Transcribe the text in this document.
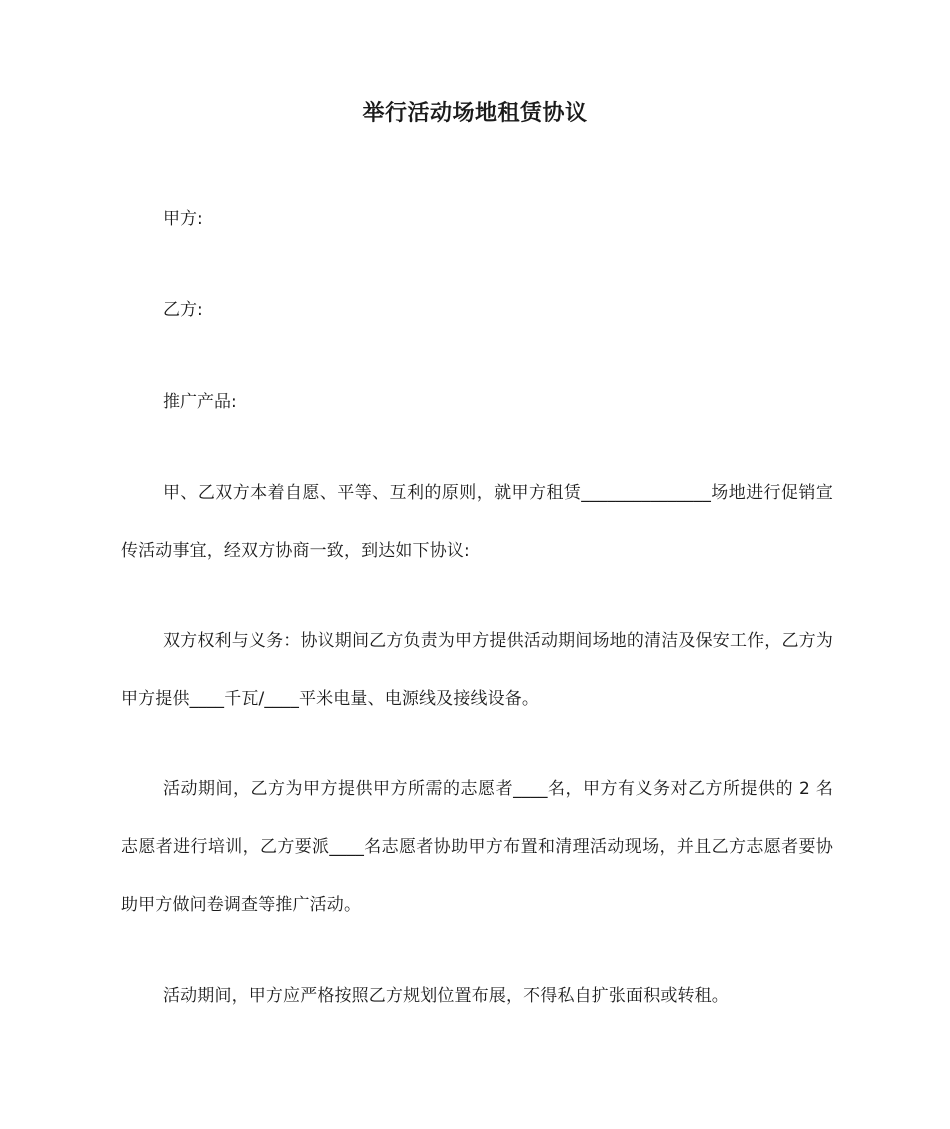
举行活动场地租赁协议
甲方:
乙方:
推广产品:
甲、乙双方本着自愿、平等、互利的原则，就甲方租赁_______________场地进行促销宣传活动事宜，经双方协商一致，到达如下协议:
双方权利与义务：协议期间乙方负责为甲方提供活动期间场地的清洁及保安工作，乙方为甲方提供____千瓦/____平米电量、电源线及接线设备。
活动期间，乙方为甲方提供甲方所需的志愿者____名，甲方有义务对乙方所提供的 2 名志愿者进行培训，乙方要派____名志愿者协助甲方布置和清理活动现场，并且乙方志愿者要协助甲方做问卷调查等推广活动。
活动期间，甲方应严格按照乙方规划位置布展，不得私自扩张面积或转租。
